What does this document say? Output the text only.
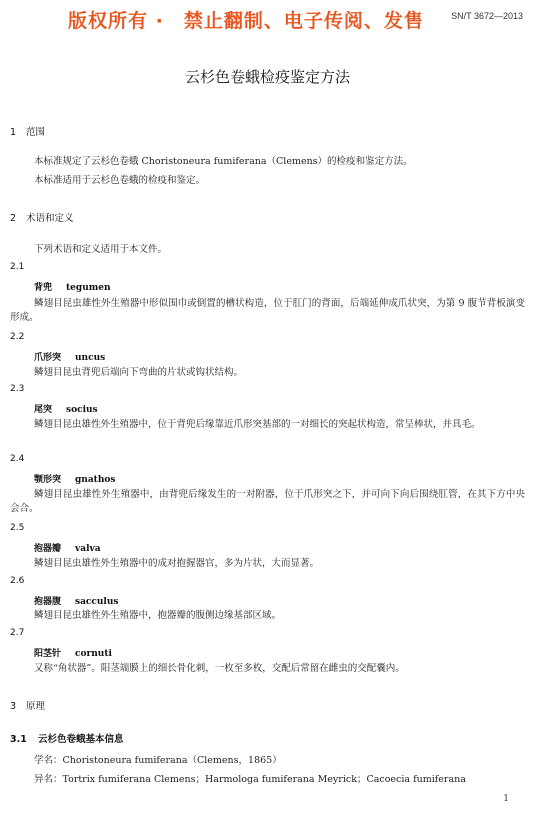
版权所有 ·　禁止翻制、电子传阅、发售	SN/T 3672—2013
云杉色卷蛾检疫鉴定方法
1 范围
本标准规定了云杉色卷蛾 Choristoneura fumiferana（Clemens）的检疫和鉴定方法。
本标准适用于云杉色卷蛾的检疫和鉴定。
2 术语和定义
下列术语和定义适用于本文件。
2.1
背兜 tegumen
鳞翅目昆虫雄性外生殖器中形似围巾或倒置的槽状构造，位于肛门的背面，后端延伸成爪状突，为第 9 腹节背板演变形成。
2.2
爪形突 uncus
鳞翅目昆虫背兜后端向下弯曲的片状或钩状结构。
2.3
尾突 socius
鳞翅目昆虫雄性外生殖器中，位于背兜后缘靠近爪形突基部的一对细长的突起状构造，常呈棒状，并具毛。
2.4
颚形突 gnathos
鳞翅目昆虫雄性外生殖器中，由背兜后缘发生的一对附器，位于爪形突之下，并可向下向后围绕肛管，在其下方中央会合。
2.5
抱器瓣 valva
鳞翅目昆虫雄性外生殖器中的成对抱握器官，多为片状，大而显著。
2.6
抱器腹 sacculus
鳞翅目昆虫雄性外生殖器中，抱器瓣的腹侧边缘基部区域。
2.7
阳茎针 cornuti
又称“角状器”。阳茎端膜上的细长骨化刺，一枚至多枚，交配后常留在雌虫的交配囊内。
3 原理
3.1 云杉色卷蛾基本信息
学名：Choristoneura fumiferana（Clemens，1865）
异名：Tortrix fumiferana Clemens；Harmologa fumiferana Meyrick；Cacoecia fumiferana
1
